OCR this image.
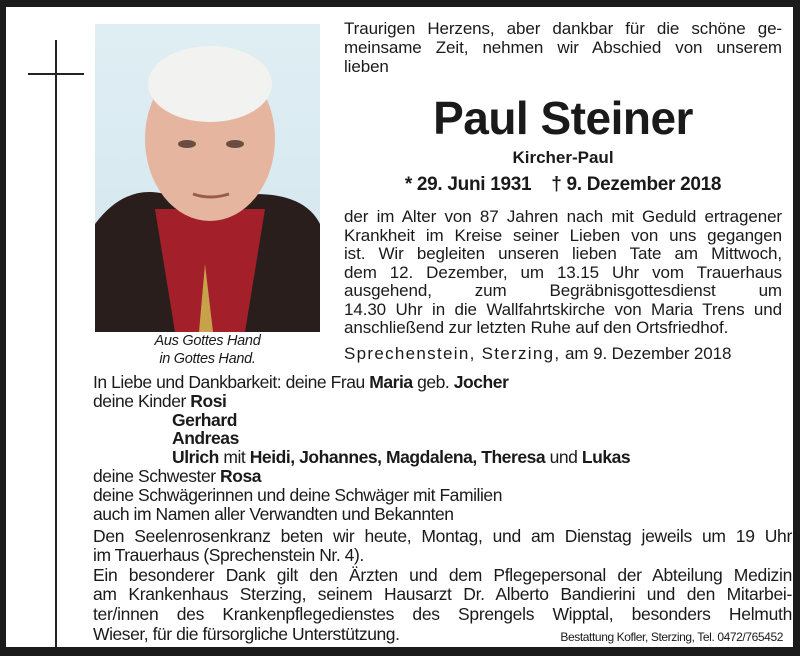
Aus Gottes Hand
in Gottes Hand.
Traurigen Herzens, aber dankbar für die schöne ge-
meinsame Zeit, nehmen wir Abschied von unserem
lieben
Paul Steiner
Kircher-Paul
* 29. Juni 1931 † 9. Dezember 2018
der im Alter von 87 Jahren nach mit Geduld ertragener
Krankheit im Kreise seiner Lieben von uns gegangen
ist. Wir begleiten unseren lieben Tate am Mittwoch,
dem 12. Dezember, um 13.15 Uhr vom Trauerhaus
ausgehend, zum Begräbnisgottesdienst um
14.30 Uhr in die Wallfahrtskirche von Maria Trens und
anschließend zur letzten Ruhe auf den Ortsfriedhof.
Sprechenstein, Sterzing, am 9. Dezember 2018
In Liebe und Dankbarkeit: deine Frau Maria geb. Jocher
deine Kinder Rosi
Gerhard
Andreas
Ulrich mit Heidi, Johannes, Magdalena, Theresa und Lukas
deine Schwester Rosa
deine Schwägerinnen und deine Schwäger mit Familien
auch im Namen aller Verwandten und Bekannten
Den Seelenrosenkranz beten wir heute, Montag, und am Dienstag jeweils um 19 Uhr
im Trauerhaus (Sprechenstein Nr. 4).
Ein besonderer Dank gilt den Ärzten und dem Pflegepersonal der Abteilung Medizin
am Krankenhaus Sterzing, seinem Hausarzt Dr. Alberto Bandierini und den Mitarbei-
ter/innen des Krankenpflegedienstes des Sprengels Wipptal, besonders Helmuth
Wieser, für die fürsorgliche Unterstützung.	Bestattung Kofler, Sterzing, Tel. 0472/765452
